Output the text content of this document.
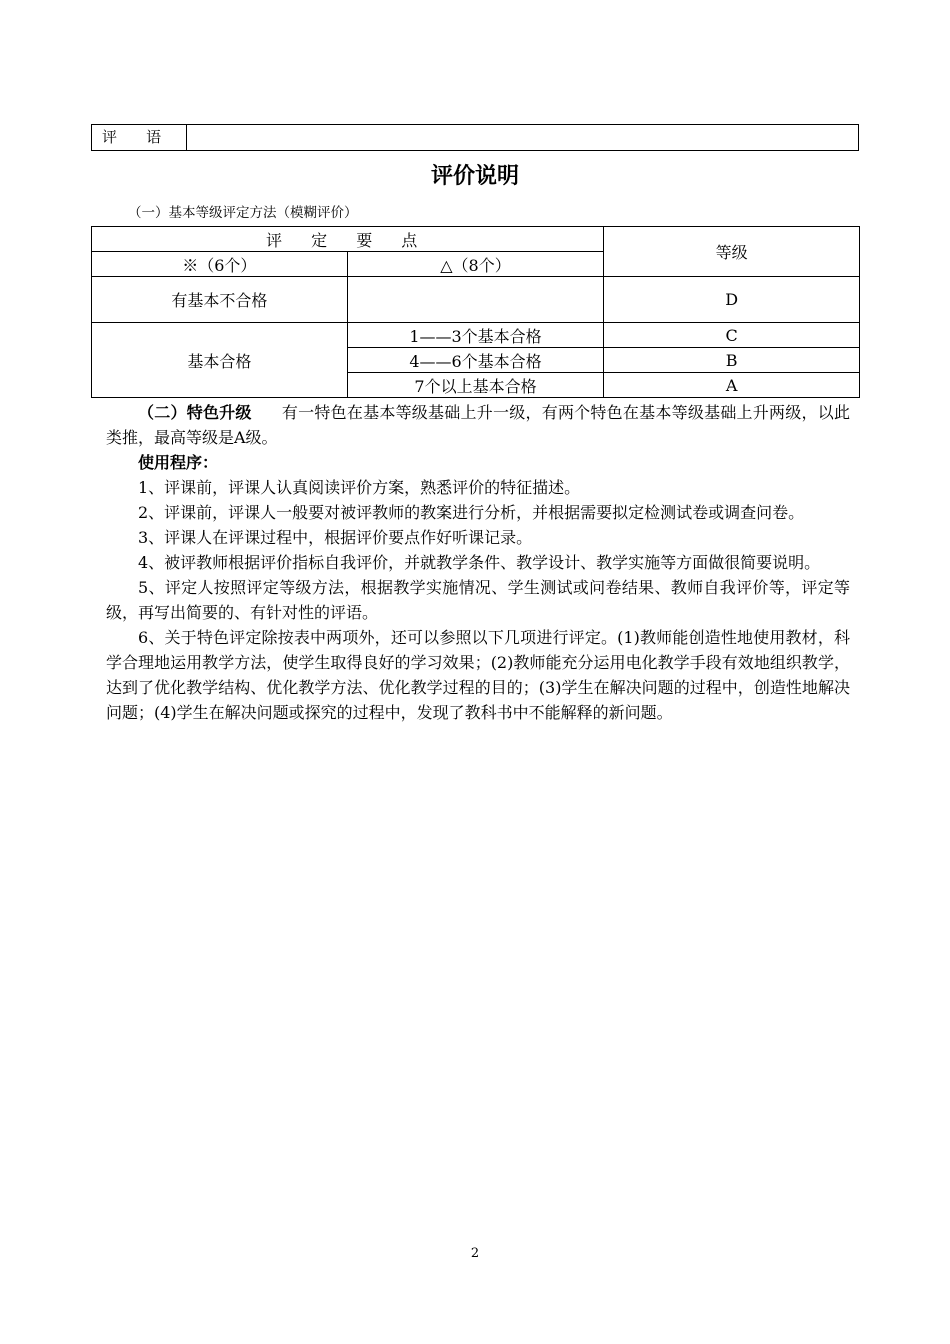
评    语
评价说明
（一）基本等级评定方法（模糊评价）
评 定 要 点		等级
※（6个）	△（8个）	
有基本不合格		D
基本合格	1——3个基本合格	C
	4——6个基本合格	B
	7个以上基本合格	A

（二）特色升级 有一特色在基本等级基础上升一级，有两个特色在基本等级基础上升两级，以此类推，最高等级是A级。

使用程序：

1、评课前，评课人认真阅读评价方案，熟悉评价的特征描述。

2、评课前，评课人一般要对被评教师的教案进行分析，并根据需要拟定检测试卷或调查问卷。

3、评课人在评课过程中，根据评价要点作好听课记录。

4、被评教师根据评价指标自我评价，并就教学条件、教学设计、教学实施等方面做很简要说明。

5、评定人按照评定等级方法，根据教学实施情况、学生测试或问卷结果、教师自我评价等，评定等级，再写出简要的、有针对性的评语。

6、关于特色评定除按表中两项外，还可以参照以下几项进行评定。(1)教师能创造性地使用教材，科学合理地运用教学方法，使学生取得良好的学习效果；(2)教师能充分运用电化教学手段有效地组织教学，达到了优化教学结构、优化教学方法、优化教学过程的目的；(3)学生在解决问题的过程中，创造性地解决问题；(4)学生在解决问题或探究的过程中，发现了教科书中不能解释的新问题。

2
